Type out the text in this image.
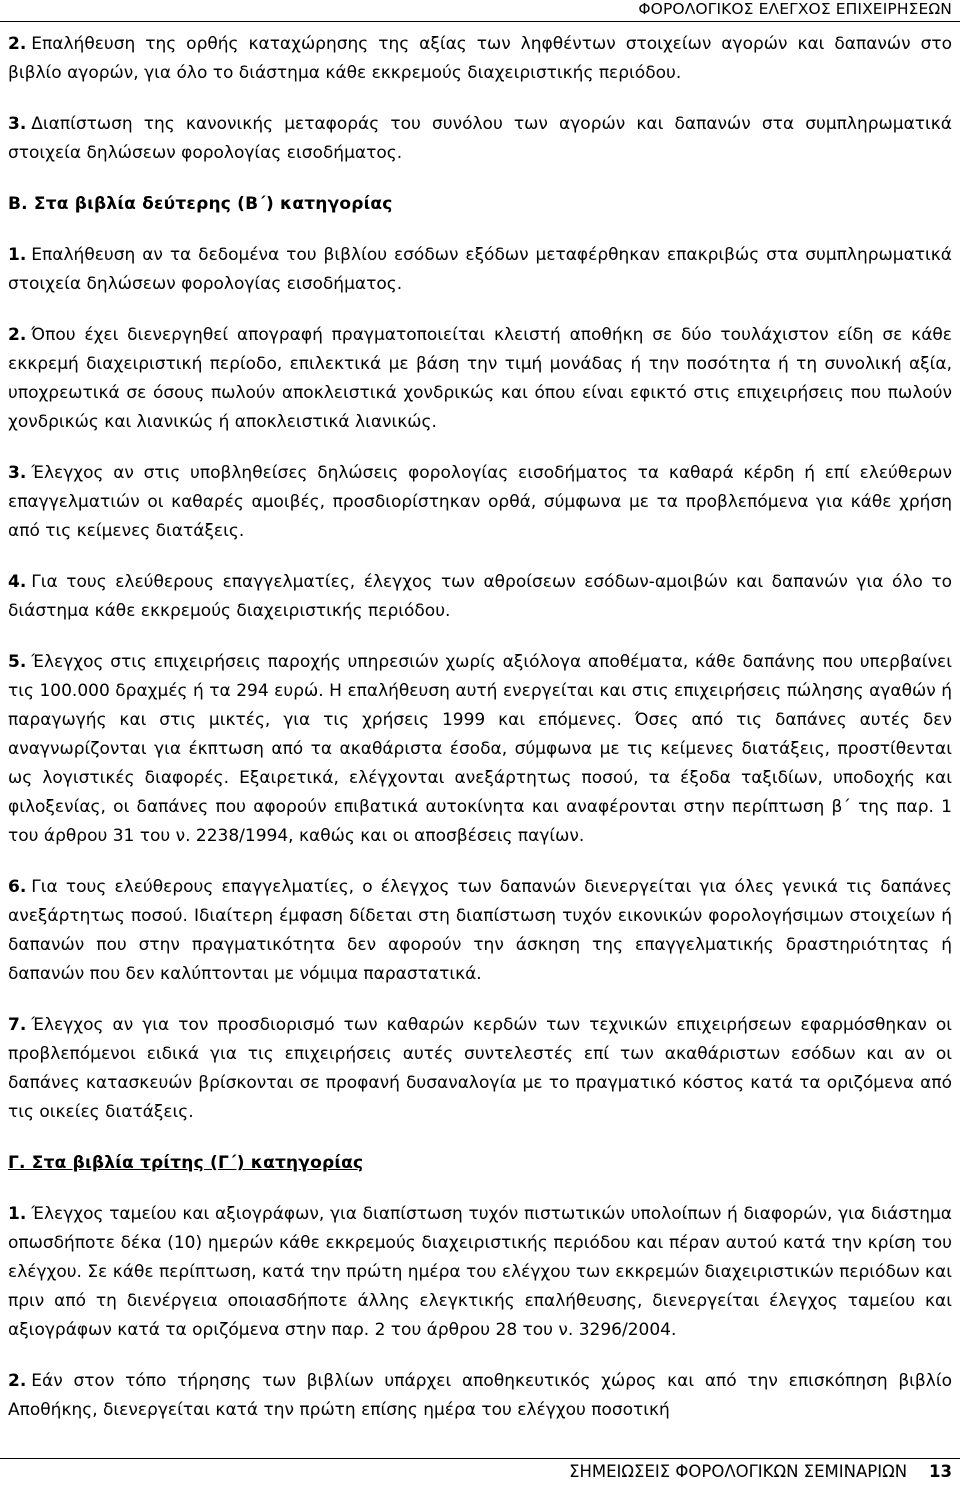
ΦΟΡΟΛΟΓΙΚΟΣ ΕΛΕΓΧΟΣ ΕΠΙΧΕΙΡΗΣΕΩΝ

2. Επαλήθευση της ορθής καταχώρησης της αξίας των ληφθέντων στοιχείων αγορών και δαπανών στο βιβλίο αγορών, για όλο το διάστημα κάθε εκκρεμούς διαχειριστικής περιόδου.

3. Διαπίστωση της κανονικής μεταφοράς του συνόλου των αγορών και δαπανών στα συμπληρωματικά στοιχεία δηλώσεων φορολογίας εισοδήματος.

Β. Στα βιβλία δεύτερης (Β΄) κατηγορίας

1. Επαλήθευση αν τα δεδομένα του βιβλίου εσόδων εξόδων μεταφέρθηκαν επακριβώς στα συμπληρωματικά στοιχεία δηλώσεων φορολογίας εισοδήματος.

2. Όπου έχει διενεργηθεί απογραφή πραγματοποιείται κλειστή αποθήκη σε δύο τουλάχιστον είδη σε κάθε εκκρεμή διαχειριστική περίοδο, επιλεκτικά με βάση την τιμή μονάδας ή την ποσότητα ή τη συνολική αξία, υποχρεωτικά σε όσους πωλούν αποκλειστικά χονδρικώς και όπου είναι εφικτό στις επιχειρήσεις που πωλούν χονδρικώς και λιανικώς ή αποκλειστικά λιανικώς.

3. Έλεγχος αν στις υποβληθείσες δηλώσεις φορολογίας εισοδήματος τα καθαρά κέρδη ή επί ελεύθερων επαγγελματιών οι καθαρές αμοιβές, προσδιορίστηκαν ορθά, σύμφωνα με τα προβλεπόμενα για κάθε χρήση από τις κείμενες διατάξεις.

4. Για τους ελεύθερους επαγγελματίες, έλεγχος των αθροίσεων εσόδων-αμοιβών και δαπανών για όλο το διάστημα κάθε εκκρεμούς διαχειριστικής περιόδου.

5. Έλεγχος στις επιχειρήσεις παροχής υπηρεσιών χωρίς αξιόλογα αποθέματα, κάθε δαπάνης που υπερβαίνει τις 100.000 δραχμές ή τα 294 ευρώ. Η επαλήθευση αυτή ενεργείται και στις επιχειρήσεις πώλησης αγαθών ή παραγωγής και στις μικτές, για τις χρήσεις 1999 και επόμενες. Όσες από τις δαπάνες αυτές δεν αναγνωρίζονται για έκπτωση από τα ακαθάριστα έσοδα, σύμφωνα με τις κείμενες διατάξεις, προστίθενται ως λογιστικές διαφορές. Εξαιρετικά, ελέγχονται ανεξάρτητως ποσού, τα έξοδα ταξιδίων, υποδοχής και φιλοξενίας, οι δαπάνες που αφορούν επιβατικά αυτοκίνητα και αναφέρονται στην περίπτωση β΄ της παρ. 1 του άρθρου 31 του ν. 2238/1994, καθώς και οι αποσβέσεις παγίων.

6. Για τους ελεύθερους επαγγελματίες, ο έλεγχος των δαπανών διενεργείται για όλες γενικά τις δαπάνες ανεξάρτητως ποσού. Ιδιαίτερη έμφαση δίδεται στη διαπίστωση τυχόν εικονικών φορολογήσιμων στοιχείων ή δαπανών που στην πραγματικότητα δεν αφορούν την άσκηση της επαγγελματικής δραστηριότητας ή δαπανών που δεν καλύπτονται με νόμιμα παραστατικά.

7. Έλεγχος αν για τον προσδιορισμό των καθαρών κερδών των τεχνικών επιχειρήσεων εφαρμόσθηκαν οι προβλεπόμενοι ειδικά για τις επιχειρήσεις αυτές συντελεστές επί των ακαθάριστων εσόδων και αν οι δαπάνες κατασκευών βρίσκονται σε προφανή δυσαναλογία με το πραγματικό κόστος κατά τα οριζόμενα από τις οικείες διατάξεις.

Γ. Στα βιβλία τρίτης (Γ΄) κατηγορίας

1. Έλεγχος ταμείου και αξιογράφων, για διαπίστωση τυχόν πιστωτικών υπολοίπων ή διαφορών, για διάστημα οπωσδήποτε δέκα (10) ημερών κάθε εκκρεμούς διαχειριστικής περιόδου και πέραν αυτού κατά την κρίση του ελέγχου. Σε κάθε περίπτωση, κατά την πρώτη ημέρα του ελέγχου των εκκρεμών διαχειριστικών περιόδων και πριν από τη διενέργεια οποιασδήποτε άλλης ελεγκτικής επαλήθευσης, διενεργείται έλεγχος ταμείου και αξιογράφων κατά τα οριζόμενα στην παρ. 2 του άρθρου 28 του ν. 3296/2004.

2. Εάν στον τόπο τήρησης των βιβλίων υπάρχει αποθηκευτικός χώρος και από την επισκόπηση βιβλίο Αποθήκης, διενεργείται κατά την πρώτη επίσης ημέρα του ελέγχου ποσοτική

ΣΗΜΕΙΩΣΕΙΣ ΦΟΡΟΛΟΓΙΚΩΝ ΣΕΜΙΝΑΡΙΩΝ 13
